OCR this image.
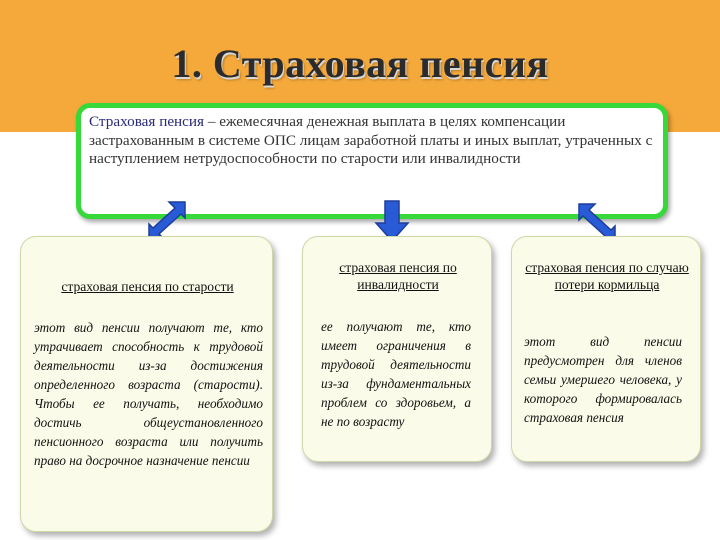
1. Страховая пенсия
Страховая пенсия – ежемесячная денежная выплата в целях компенсации застрахованным в системе ОПС лицам заработной платы и иных выплат, утраченных с наступлением нетрудоспособности по старости или инвалидности
страховая пенсия по старости
этот вид пенсии получают те, кто утрачивает способность к трудовой деятельности из-за достижения определенного возраста (старости). Чтобы ее получать, необходимо достичь общеустановленного пенсионного возраста или получить право на досрочное назначение пенсии
страховая пенсия по инвалидности
ее получают те, кто имеет ограничения в трудовой деятельности из-за фундаментальных проблем со здоровьем, а не по возрасту
страховая пенсия по случаю потери кормильца
этот вид пенсии предусмотрен для членов семьи умершего человека, у которого формировалась страховая пенсия
